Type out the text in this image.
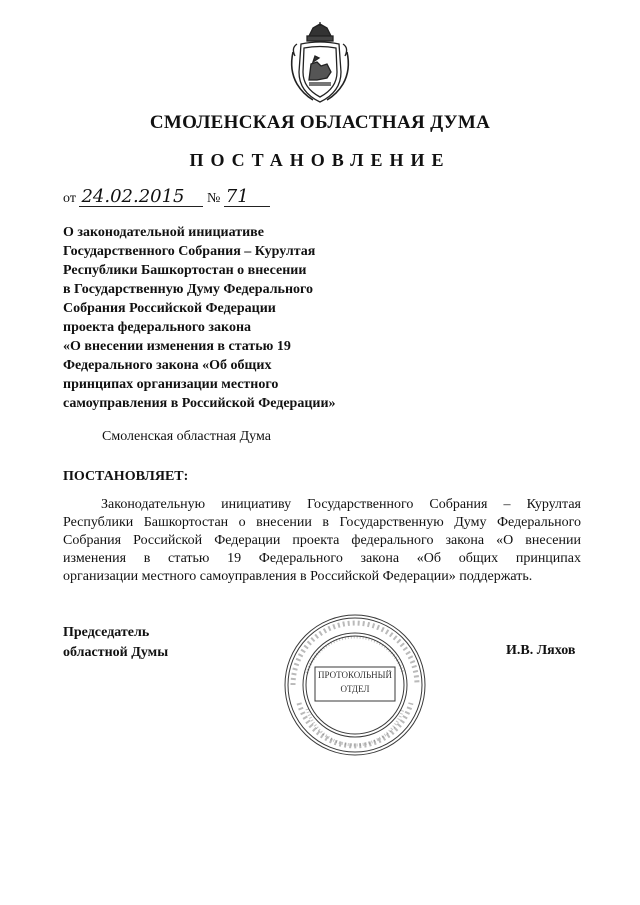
СМОЛЕНСКАЯ ОБЛАСТНАЯ ДУМА
ПОСТАНОВЛЕНИЕ
от 24.02.2015 № 71
О законодательной инициативе
Государственного Собрания – Курултая
Республики Башкортостан о внесении
в Государственную Думу Федерального
Собрания Российской Федерации
проекта федерального закона
«О внесении изменения в статью 19
Федерального закона «Об общих
принципах организации местного
самоуправления в Российской Федерации»
Смоленская областная Дума
ПОСТАНОВЛЯЕТ:
Законодательную инициативу Государственного Собрания – Курултая
Республики Башкортостан о внесении в Государственную Думу Федерального
Собрания Российской Федерации проекта федерального закона «О внесении
изменения в статью 19 Федерального закона «Об общих принципах
организации местного самоуправления в Российской Федерации» поддержать.
Председатель
областной Думы	И.В. Ляхов
ПРОТОКОЛЬНЫЙ
ОТДЕЛ
